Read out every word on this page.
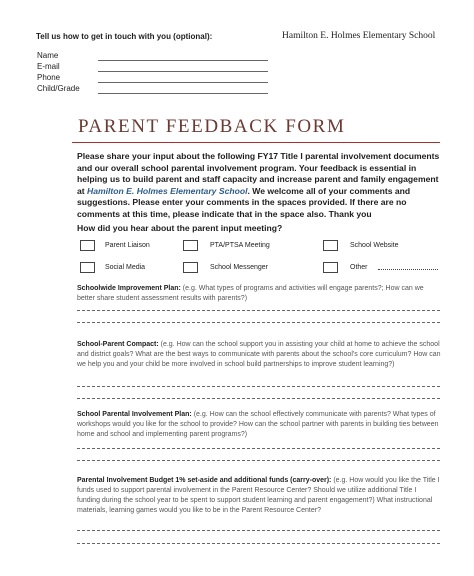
Tell us how to get in touch with you (optional):	Hamilton E. Holmes Elementary School
Name
E-mail
Phone
Child/Grade
PARENT FEEDBACK FORM
Please share your input about the following FY17 Title I parental involvement documents and our overall school parental involvement program. Your feedback is essential in helping us to build parent and staff capacity and increase parent and family engagement at Hamilton E. Holmes Elementary School. We welcome all of your comments and suggestions. Please enter your comments in the spaces provided. If there are no comments at this time, please indicate that in the space also. Thank you
How did you hear about the parent input meeting?
Parent Liaison	PTA/PTSA Meeting	School Website
Social Media	School Messenger	Other
Schoolwide Improvement Plan: (e.g. What types of programs and activities will engage parents?; How can we better share student assessment results with parents?)
School-Parent Compact: (e.g. How can the school support you in assisting your child at home to achieve the school and district goals? What are the best ways to communicate with parents about the school's core curriculum? How can we help you and your child be more involved in school build partnerships to improve student learning?)
School Parental Involvement Plan: (e.g. How can the school effectively communicate with parents? What types of workshops would you like for the school to provide? How can the school partner with parents in building ties between home and school and implementing parent programs?)
Parental Involvement Budget 1% set-aside and additional funds (carry-over): (e.g. How would you like the Title I funds used to support parental involvement in the Parent Resource Center? Should we utilize additional Title I funding during the school year to be spent to support student learning and parent engagement?) What instructional materials, learning games would you like to be in the Parent Resource Center?
